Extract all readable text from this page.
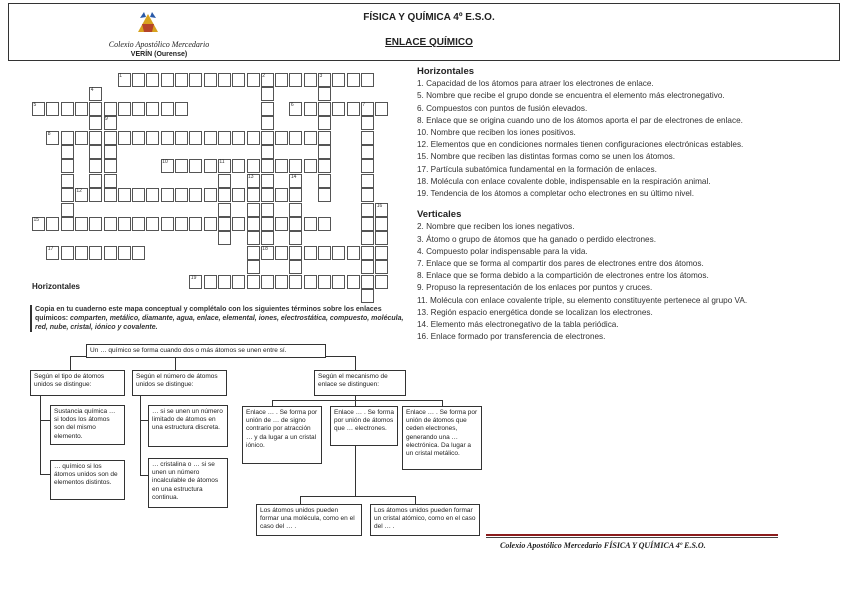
Colexio Apostólico Mercedario
VERÍN (Ourense)
FÍSICA Y QUÍMICA 4º E.S.O.
ENLACE QUÍMICO
1	2	3
4
5	6	7
8
9
10	11
12
13	14
15
16
17	18
19
Horizontales
Horizontales
1. Capacidad de los átomos para atraer los electrones de enlace.
5. Nombre que recibe el grupo donde se encuentra el elemento más electronegativo.
6. Compuestos con puntos de fusión elevados.
8. Enlace que se origina cuando uno de los átomos aporta el par de electrones de enlace.
10. Nombre que reciben los iones positivos.
12. Elementos que en condiciones normales tienen configuraciones electrónicas estables.
15. Nombre que reciben las distintas formas como se unen los átomos.
17. Partícula subatómica fundamental en la formación de enlaces.
18. Molécula con enlace covalente doble, indispensable en la respiración animal.
19. Tendencia de los átomos a completar ocho electrones en su último nivel.
Verticales
2. Nombre que reciben los iones negativos.
3. Átomo o grupo de átomos que ha ganado o perdido electrones.
4. Compuesto polar indispensable para la vida.
7. Enlace que se forma al compartir dos pares de electrones entre dos átomos.
8. Enlace que se forma debido a la compartición de electrones entre los átomos.
9. Propuso la representación de los enlaces por puntos y cruces.
11. Molécula con enlace covalente triple, su elemento constituyente pertenece al grupo VA.
13. Región espacio energética donde se localizan los electrones.
14. Elemento más electronegativo de la tabla periódica.
16. Enlace formado por transferencia de electrones.
Copia en tu cuaderno este mapa conceptual y complétalo con los siguientes términos sobre los enlaces químicos: comparten, metálico, diamante, agua, enlace, elemental, iones, electrostática, compuesto, molécula, red, nube, cristal, iónico y covalente.
Un … químico se forma cuando dos o más átomos se unen entre sí.
Según el tipo de átomos unidos se distingue:
Sustancia química … si todos los átomos son del mismo elemento.
… químico si los átomos unidos son de elementos distintos.
Según el número de átomos unidos se distingue:
… si se unen un número limitado de átomos en una estructura discreta.
… cristalina o … si se unen un número incalculable de átomos en una estructura continua.
Según el mecanismo de enlace se distinguen:
Enlace … . Se forma por unión de … de signo contrario por atracción … y da lugar a un cristal iónico.
Enlace … . Se forma por unión de átomos que … electrones.
Enlace … . Se forma por unión de átomos que ceden electrones, generando una … electrónica. Da lugar a un cristal metálico.
Los átomos unidos pueden formar una molécula, como en el caso del … .
Los átomos unidos pueden formar un cristal atómico, como en el caso del … .
Colexio Apostólico Mercedario FÍSICA Y QUÍMICA 4º E.S.O.
